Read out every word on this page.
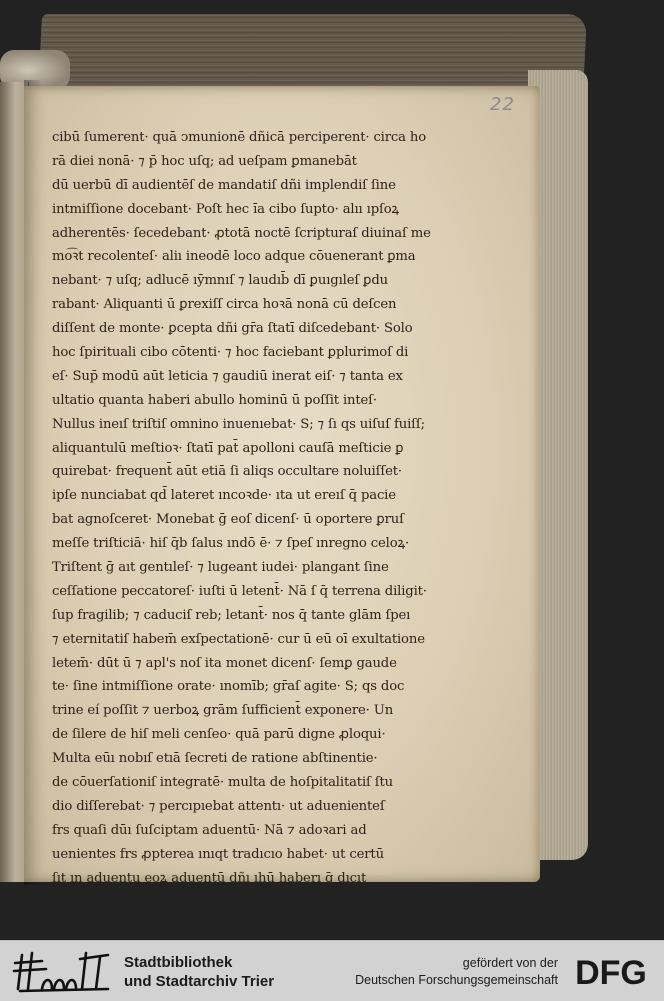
22
cibū ſumerent· quā ↄmunionē dñicā perciperent· circa ho
rā diei nonā· ⁊ p̄ hoc uſq; ad ueſpam ꝑmanebāt
dū uerbū dī audientēſ de mandatiſ dñi implendiſ ſine
intmiſſione docebant· Poſt hec ı̄a cibo ſupto· alıı ıpſoꝝ
adherentēs· ſecedebant· ꝓtotā noctē ſcripturaſ diuinaſ me
mo͡ꝛt recolenteſ· aliı ineodē loco adque cōuenerant ꝑma
nebant· ⁊ uſq; adlucē ıȳmnıſ ⁊ laudıb̄ dī ꝑuıgıleſ ꝑdu
rabant· Aliquanti ū ꝑrexiſſ circa hoꝛā nonā cū deſcen
diſſent de monte· ꝑcepta dñi gr̄a ſtatī diſcedebant· Solo
hoc ſpirituali cibo cōtenti· ⁊ hoc faciebant ꝑplurimoſ di
eſ· Sup̄ modū aūt leticia ⁊ gaudiū inerat eiſ· ⁊ tanta ex
ultatio quanta haberi abullo hominū ū poſſit inteſ·
Nullus ineıſ triſtiſ omnino inuenıebat· S; ⁊ ſı qs uiſuſ fuiſſ;
aliquantulū meſtioꝛ· ſtatī pat̄ apolloni cauſā meſticie ꝑ
quirebat· frequent̄ aūt etiā ſi aliqs occultare noluiſſet·
ipſe nunciabat qd̄ lateret ıncoꝛde· ıta ut ereıſ q̄ pacie
bat agnoſceret· Monebat ḡ eoſ dicenſ· ū oportere ꝑruſ
meſſe triſticiā· hiſ q̄b ſalus ındō ē· ⁊ ſpeſ ınregno celoꝝ·
Triſtent ḡ aıt gentıleſ· ⁊ lugeant iudei· plangant ſine
ceſſatione peccatoreſ· iuſti ū letent̄· Nā ſ q̄ terrena diligit·
ſup fragilib; ⁊ caduciſ reb; letant̄· nos q̄ tante glām ſpeı
⁊ eternitatiſ habem̄ exſpectationē· cur ū eū oī exultatione
letem̄· dūt ū ⁊ apl's noſ ita monet dicenſ· ſemꝑ gaude
te· ſine intmiſſione orate· ınomīb; gr̄aſ agite· S; qs doc
trine eı́ poſſit ⁊ uerboꝝ grām ſufficient̄ exponere· Un
de ſilere de hiſ meli cenſeo· quā parū digne ꝓloqui·
Multa eūı nobıſ etıā ſecreti de ratione abſtinentie·
de cōuerſationiſ integratē· multa de hoſpitalitatiſ ſtu
dio diſſerebat· ⁊ percıpıebat attentı· ut aduenienteſ
frs quaſi dūı ſuſciptam aduentū· Nā ⁊ adoꝛari ad
uenientes frs ꝓpterea ınıqt tradıcıo habet· ut certū
ſıt ın aduentu eoꝝ aduentū dñı ıhū haberı q̄ dıcıt
Stadtbibliothek
und Stadtarchiv Trier
gefördert von der
Deutschen Forschungsgemeinschaft DFG
